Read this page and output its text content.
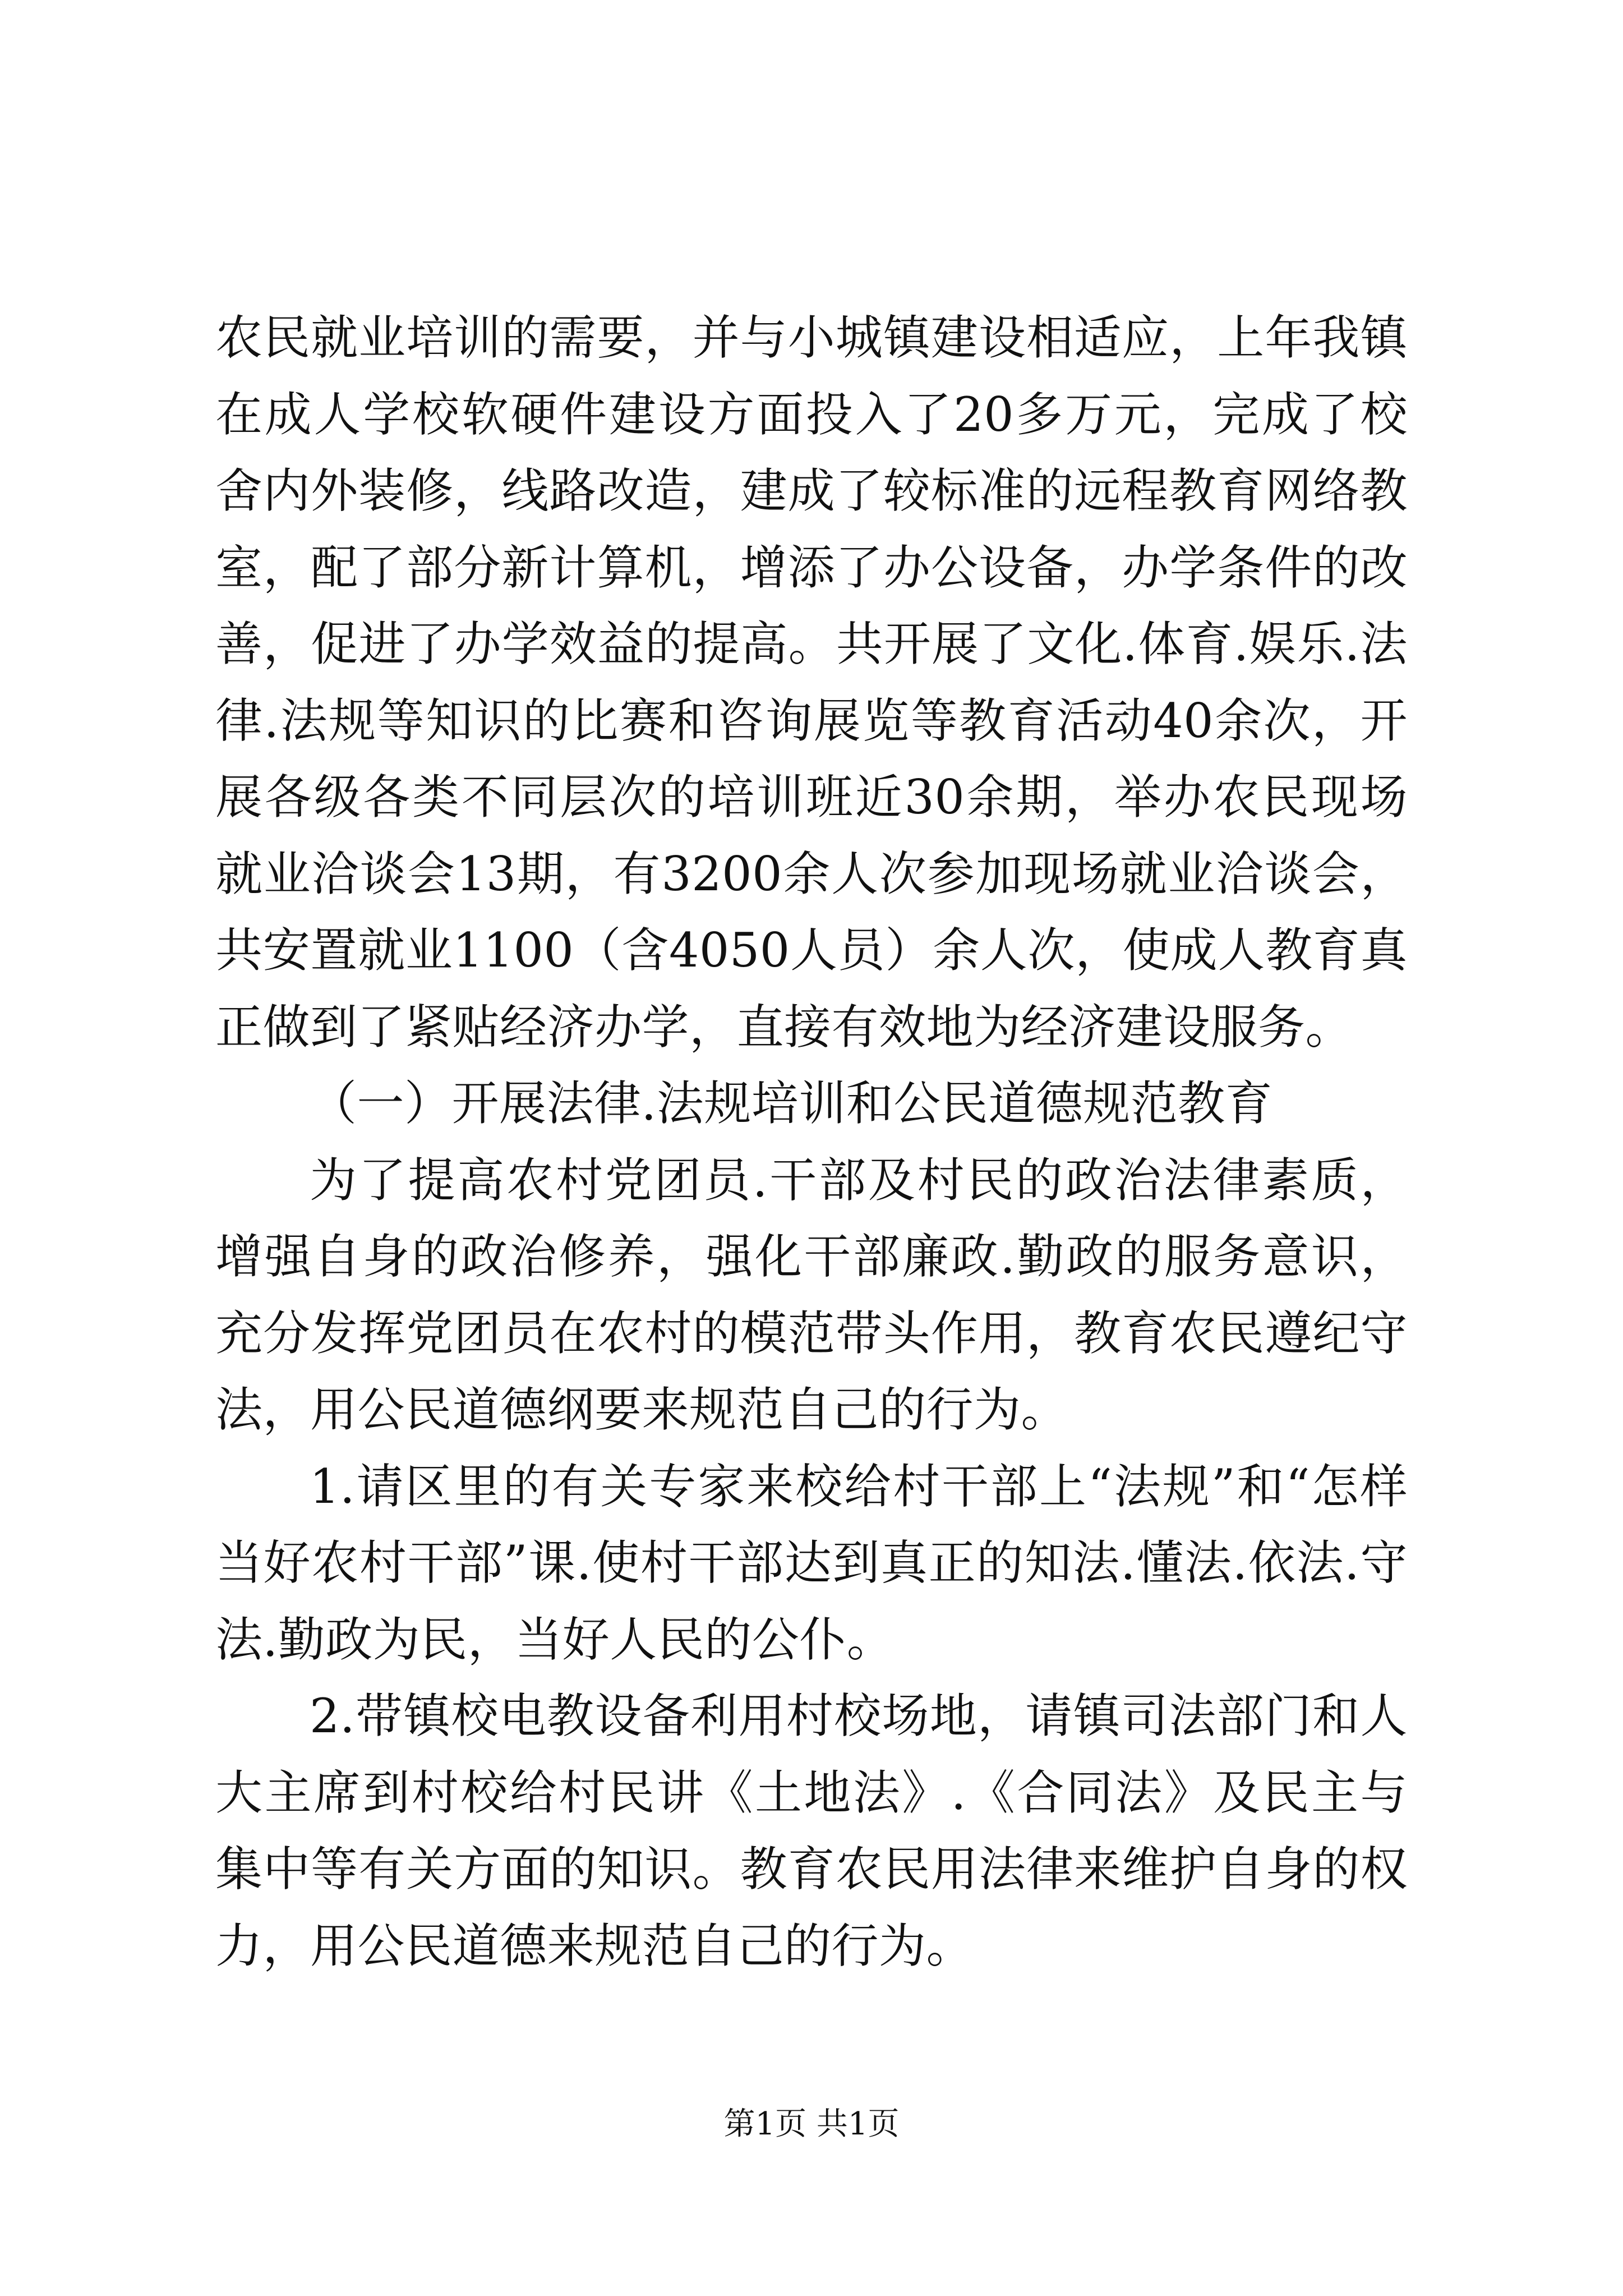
农民就业培训的需要，并与小城镇建设相适应，上年我镇在成人学校软硬件建设方面投入了20多万元，完成了校舍内外装修，线路改造，建成了较标准的远程教育网络教室，配了部分新计算机，增添了办公设备，办学条件的改善，促进了办学效益的提高。共开展了文化.体育.娱乐.法律.法规等知识的比赛和咨询展览等教育活动40余次，开展各级各类不同层次的培训班近30余期，举办农民现场就业洽谈会13期，有3200余人次参加现场就业洽谈会，共安置就业1100（含4050人员）余人次，使成人教育真正做到了紧贴经济办学，直接有效地为经济建设服务。

（一）开展法律.法规培训和公民道德规范教育

为了提高农村党团员.干部及村民的政治法律素质，增强自身的政治修养，强化干部廉政.勤政的服务意识，充分发挥党团员在农村的模范带头作用，教育农民遵纪守法，用公民道德纲要来规范自己的行为。

1.请区里的有关专家来校给村干部上“法规”和“怎样当好农村干部”课.使村干部达到真正的知法.懂法.依法.守法.勤政为民，当好人民的公仆。

2.带镇校电教设备利用村校场地，请镇司法部门和人大主席到村校给村民讲《土地法》.《合同法》及民主与集中等有关方面的知识。教育农民用法律来维护自身的权力，用公民道德来规范自己的行为。

第1页 共1页
